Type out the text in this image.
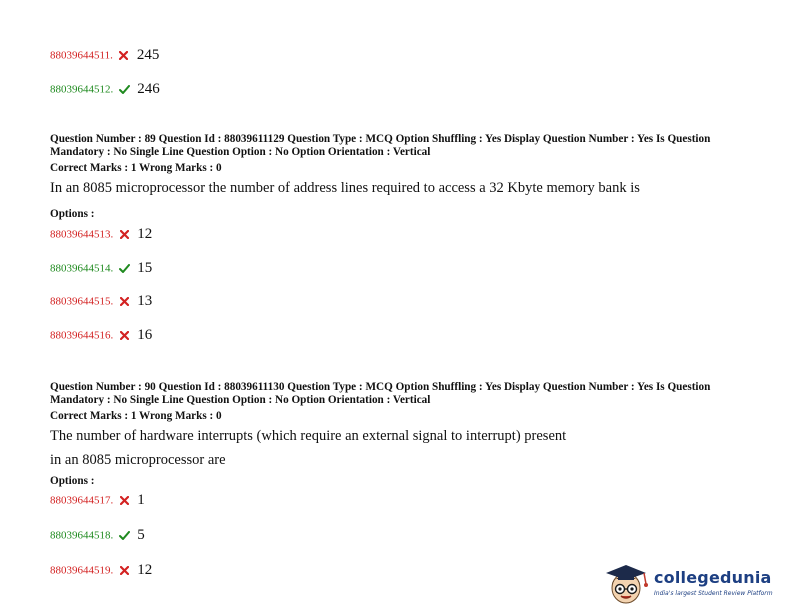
88039644511. 245
88039644512. 246
Question Number : 89 Question Id : 88039611129 Question Type : MCQ Option Shuffling : Yes Display Question Number : Yes Is Question
Mandatory : No Single Line Question Option : No Option Orientation : Vertical
Correct Marks : 1 Wrong Marks : 0
In an 8085 microprocessor the number of address lines required to access a 32 Kbyte memory bank is
Options :
88039644513. 12
88039644514. 15
88039644515. 13
88039644516. 16
Question Number : 90 Question Id : 88039611130 Question Type : MCQ Option Shuffling : Yes Display Question Number : Yes Is Question
Mandatory : No Single Line Question Option : No Option Orientation : Vertical
Correct Marks : 1 Wrong Marks : 0
The number of hardware interrupts (which require an external signal to interrupt) present
in an 8085 microprocessor are
Options :
88039644517. 1
88039644518. 5
88039644519. 12	collegedunia
India's largest Student Review Platform
